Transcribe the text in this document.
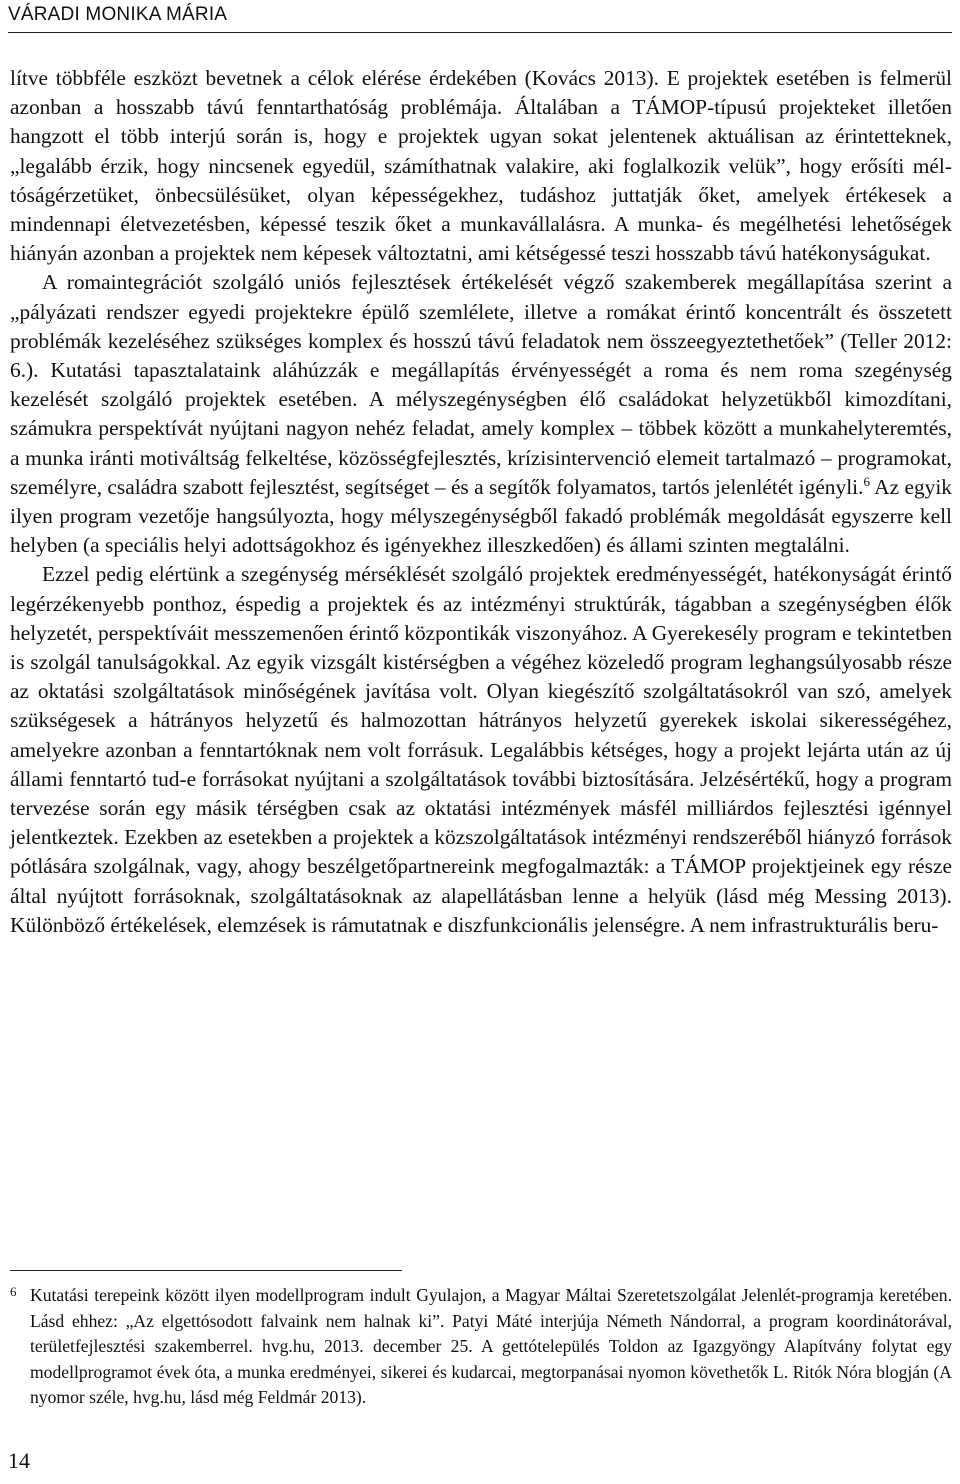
VÁRADI MONIKA MÁRIA

lítve többféle eszközt bevetnek a célok elérése érdekében (Kovács 2013). E projektek esetében is felmerül azonban a hosszabb távú fenntarthatóság problémája. Általában a TÁMOP-típusú projekteket illetően hangzott el több interjú során is, hogy e projektek ugyan sokat jelentenek aktuálisan az érintetteknek, „legalább érzik, hogy nincsenek egyedül, számíthatnak valakire, aki foglalkozik velük”, hogy erősíti méltóságérzetüket, önbecsülésüket, olyan képességekhez, tudáshoz juttatják őket, amelyek értékesek a mindennapi életvezetésben, képessé teszik őket a munkavállalásra. A munka- és megélhetési lehetőségek hiányán azonban a projektek nem képesek változtatni, ami kétségessé teszi hosszabb távú hatékonyságukat.

A romaintegrációt szolgáló uniós fejlesztések értékelését végző szakemberek megállapítása szerint a „pályázati rendszer egyedi projektekre épülő szemlélete, illetve a romákat érintő koncentrált és összetett problémák kezeléséhez szükséges komplex és hosszú távú feladatok nem összeegyeztethetőek” (Teller 2012: 6.). Kutatási tapasztalataink aláhúzzák e megállapítás érvényességét a roma és nem roma szegénység kezelését szolgáló projektek esetében. A mélyszegénységben élő családokat helyzetükből kimozdítani, számukra perspektívát nyújtani nagyon nehéz feladat, amely komplex – többek között a munkahelyteremtés, a munka iránti motiváltság felkeltése, közösségfejlesztés, krízisintervenció elemeit tartalmazó – programokat, személyre, családra szabott fejlesztést, segítséget – és a segítők folyamatos, tartós jelenlétét igényli.$^6$ Az egyik ilyen program vezetője hangsúlyozta, hogy mélyszegénységből fakadó problémák megoldását egyszerre kell helyben (a speciális helyi adottságokhoz és igényekhez illeszkedően) és állami szinten megtalálni.

Ezzel pedig elértünk a szegénység mérséklését szolgáló projektek eredményességét, hatékonyságát érintő legérzékenyebb ponthoz, éspedig a projektek és az intézményi struktúrák, tágabban a szegénységben élők helyzetét, perspektíváit messzemenően érintő központikák viszonyához. A Gyerekesély program e tekintetben is szolgál tanulságokkal. Az egyik vizsgált kistérségben a végéhez közeledő program leghangsúlyosabb része az oktatási szolgáltatások minőségének javítása volt. Olyan kiegészítő szolgáltatásokról van szó, amelyek szükségesek a hátrányos helyzetű és halmozottan hátrányos helyzetű gyerekek iskolai sikerességéhez, amelyekre azonban a fenntartóknak nem volt forrásuk. Legalábbis kétséges, hogy a projekt lejárta után az új állami fenntartó tud-e forrásokat nyújtani a szolgáltatások további biztosítására. Jelzésértékű, hogy a program tervezése során egy másik térségben csak az oktatási intézmények másfél milliárdos fejlesztési igénnyel jelentkeztek. Ezekben az esetekben a projektek a közszolgáltatások intézményi rendszeréből hiányzó források pótlására szolgálnak, vagy, ahogy beszélgetőpartnereink megfogalmazták: a TÁMOP projektjeinek egy része által nyújtott forrásoknak, szolgáltatásoknak az alapellátásban lenne a helyük (lásd még Messing 2013). Különböző értékelések, elemzések is rámutatnak e diszfunkcionális jelenségre. A nem infrastrukturális beru-

6 Kutatási terepeink között ilyen modellprogram indult Gyulajon, a Magyar Máltai Szeretetszolgálat Jelenlét-programja keretében. Lásd ehhez: „Az elgettósodott falvaink nem halnak ki”. Patyi Máté interjúja Németh Nándorral, a program koordinátorával, területfejlesztési szakemberrel. hvg.hu, 2013. december 25. A gettótelepülés Toldon az Igazgyöngy Alapítvány folytat egy modellprogramot évek óta, a munka eredményei, sikerei és kudarcai, megtorpanásai nyomon követhetők L. Ritók Nóra blogján (A nyomor széle, hvg.hu, lásd még Feldmár 2013).
14
